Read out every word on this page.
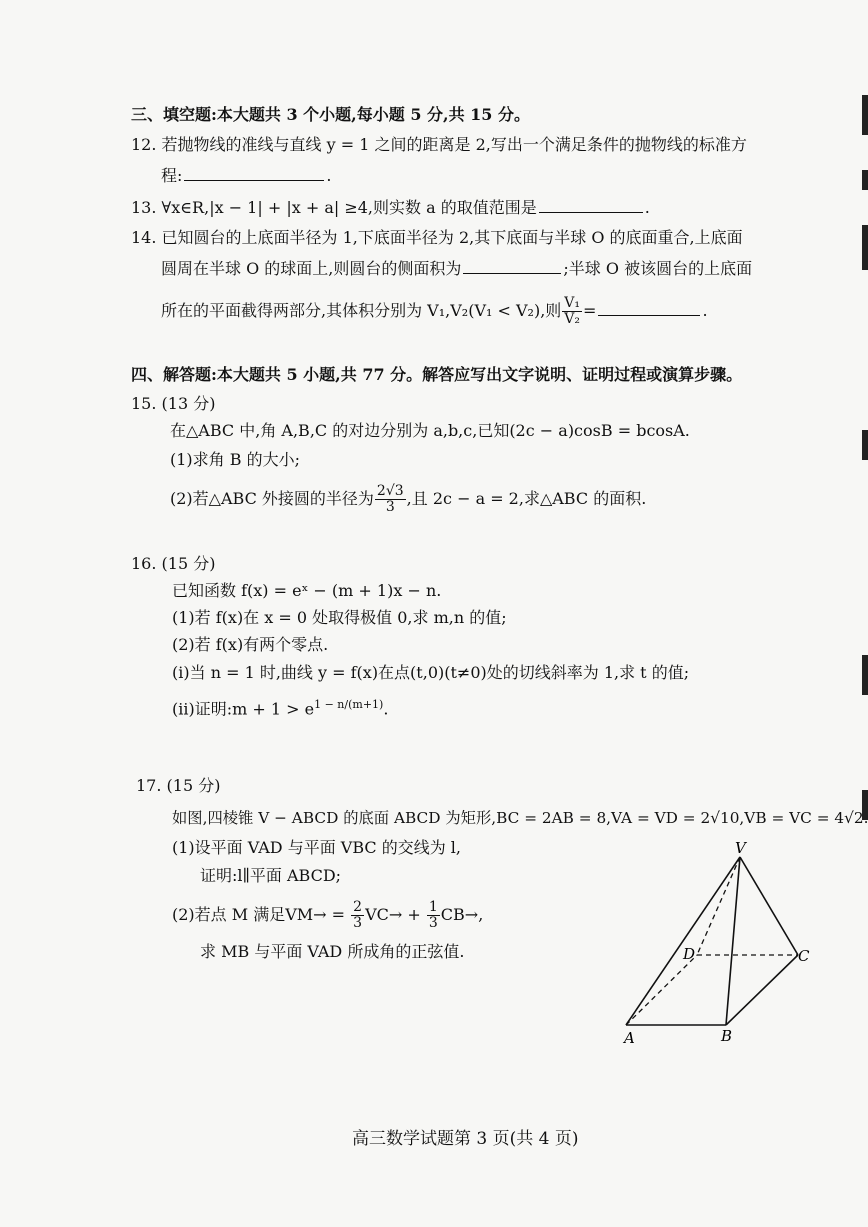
三、填空题:本大题共 3 个小题,每小题 5 分,共 15 分。
12. 若抛物线的准线与直线 y = 1 之间的距离是 2,写出一个满足条件的抛物线的标准方
程:	.
13. ∀x∈R,|x − 1| + |x + a| ≥4,则实数 a 的取值范围是	.
14. 已知圆台的上底面半径为 1,下底面半径为 2,其下底面与半球 O 的底面重合,上底面
圆周在半球 O 的球面上,则圆台的侧面积为	;半球 O 被该圆台的上底面
所在的平面截得两部分,其体积分别为 V₁,V₂(V₁ < V₂),则 $\frac{\text{V₁}}{\text{V₂}}$ =	.
四、解答题:本大题共 5 小题,共 77 分。解答应写出文字说明、证明过程或演算步骤。
15. (13 分)
在△ABC 中,角 A,B,C 的对边分别为 a,b,c,已知(2c − a)cosB = bcosA.
(1)求角 B 的大小;
(2)若△ABC 外接圆的半径为 $\frac{2√3}{3}$ ,且 2c − a = 2,求△ABC 的面积.
16. (15 分)
已知函数 f(x) = eˣ − (m + 1)x − n.
(1)若 f(x)在 x = 0 处取得极值 0,求 m,n 的值;
(2)若 f(x)有两个零点.
(ⅰ)当 n = 1 时,曲线 y = f(x)在点(t,0)(t≠0)处的切线斜率为 1,求 t 的值;
(ⅱ)证明:m + $1 > e^{1 - n/(m+1)}$.
17. (15 分)
如图,四棱锥 V − ABCD 的底面 ABCD 为矩形,BC = 2AB = 8,VA = VD = 2√10,VB = VC = 4√2.
(1)设平面 VAD 与平面 VBC 的交线为 l,
证明:l∥平面 ABCD;
(2)若点 M 满足$VM\to = \frac{2}{3} VC\to + \frac{1}{3} CB\to$,
求 MB 与平面 VAD 所成角的正弦值.
V
A	B
C
D
高三数学试题第 3 页(共 4 页)
